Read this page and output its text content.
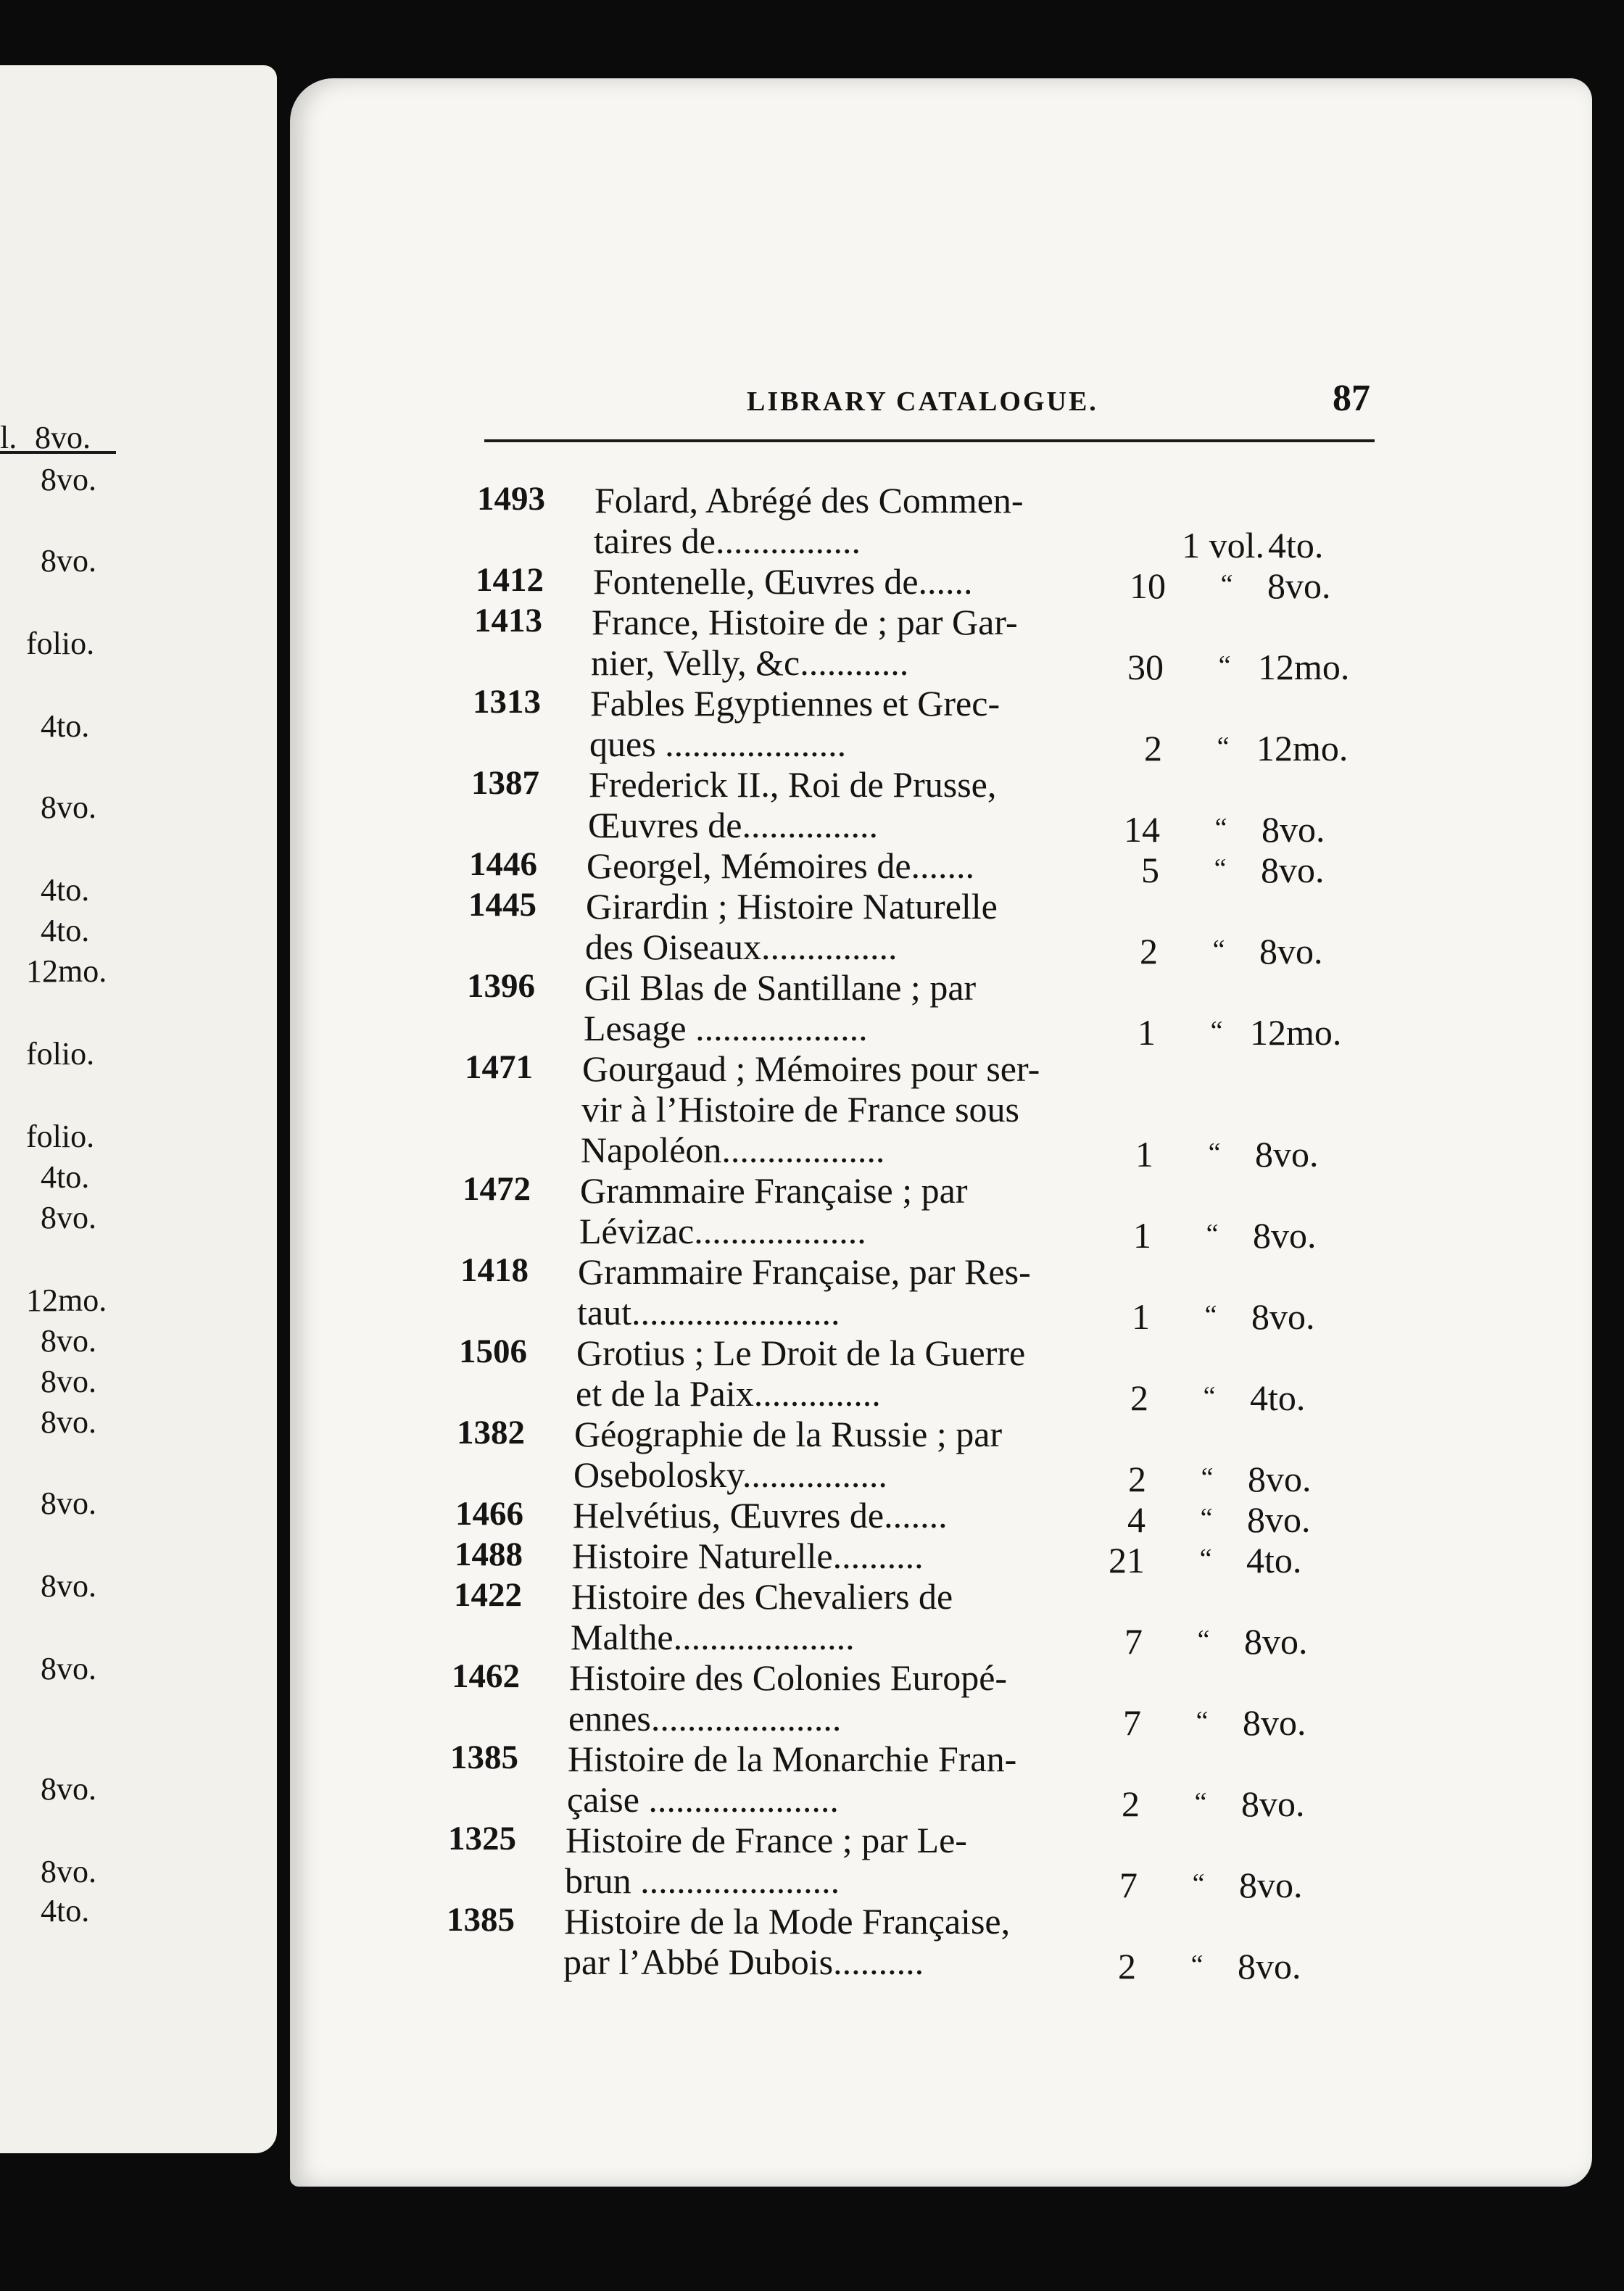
l. 8vo.
8vo.
8vo.
folio.
4to.
8vo.
4to.
4to.
12mo.
folio.
folio.
4to.
8vo.
12mo.
8vo.
8vo.
8vo.
8vo.
8vo.
8vo.
8vo.
8vo.
4to.
LIBRARY CATALOGUE.	87
1493 Folard, Abrégé des Commen-
taires de................	1 vol. 4to.
1412 Fontenelle, Œuvres de......	10	“ 8vo.
1413 France, Histoire de ; par Gar-
nier, Velly, &c............	30	“ 12mo.
1313 Fables Egyptiennes et Grec-
ques ....................	2	“ 12mo.
1387 Frederick II., Roi de Prusse,
Œuvres de...............	14	“ 8vo.
1446 Georgel, Mémoires de.......	5	“ 8vo.
1445 Girardin ; Histoire Naturelle
des Oiseaux...............	2	“ 8vo.
1396 Gil Blas de Santillane ; par
Lesage ...................	1	“ 12mo.
1471 Gourgaud ; Mémoires pour ser-
vir à l’Histoire de France sous
Napoléon..................	1	“ 8vo.
1472 Grammaire Française ; par
Lévizac...................	1	“ 8vo.
1418 Grammaire Française, par Res-
taut.......................	1	“ 8vo.
1506 Grotius ; Le Droit de la Guerre
et de la Paix..............	2	“ 4to.
1382 Géographie de la Russie ; par
Osebolosky................	2	“ 8vo.
1466 Helvétius, Œuvres de.......	4	“ 8vo.
1488 Histoire Naturelle..........	21	“ 4to.
1422 Histoire des Chevaliers de
Malthe....................	7	“ 8vo.
1462 Histoire des Colonies Europé-
ennes.....................	7	“ 8vo.
1385 Histoire de la Monarchie Fran-
çaise .....................	2	“ 8vo.
1325 Histoire de France ; par Le-
brun ......................	7	“ 8vo.
1385 Histoire de la Mode Française,
par l’Abbé Dubois..........	2	“ 8vo.
